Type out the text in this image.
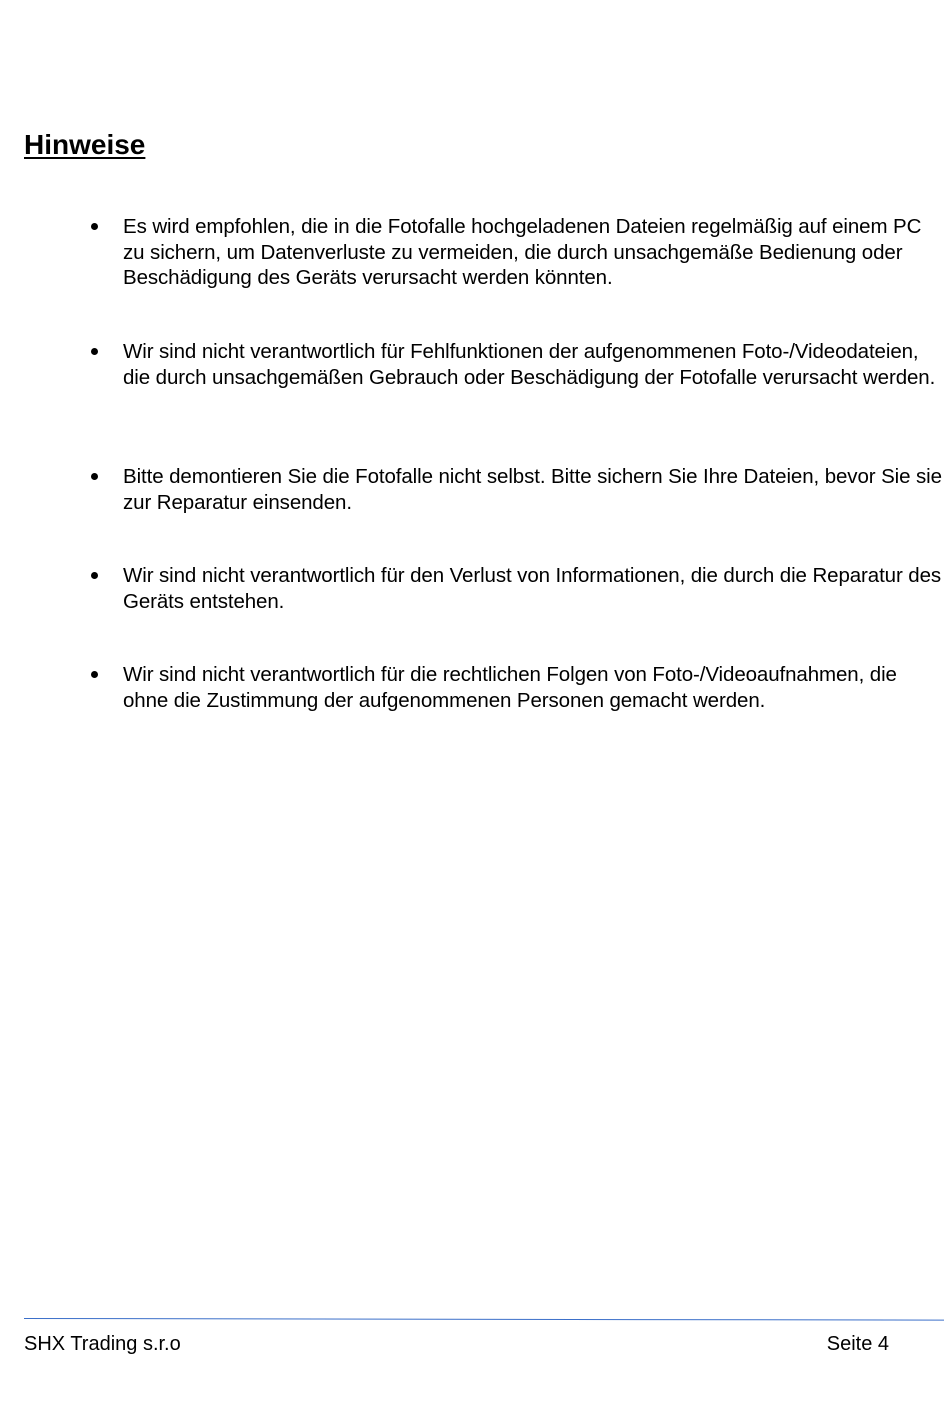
Hinweise
Es wird empfohlen, die in die Fotofalle hochgeladenen Dateien regelmäßig auf einem PC zu sichern, um Datenverluste zu vermeiden, die durch unsachgemäße Bedienung oder Beschädigung des Geräts verursacht werden könnten.
Wir sind nicht verantwortlich für Fehlfunktionen der aufgenommenen Foto-/Videodateien, die durch unsachgemäßen Gebrauch oder Beschädigung der Fotofalle verursacht werden.
Bitte demontieren Sie die Fotofalle nicht selbst. Bitte sichern Sie Ihre Dateien, bevor Sie sie zur Reparatur einsenden.
Wir sind nicht verantwortlich für den Verlust von Informationen, die durch die Reparatur des Geräts entstehen.
Wir sind nicht verantwortlich für die rechtlichen Folgen von Foto-/Videoaufnahmen, die ohne die Zustimmung der aufgenommenen Personen gemacht werden.
SHX Trading s.r.o	Seite 4
